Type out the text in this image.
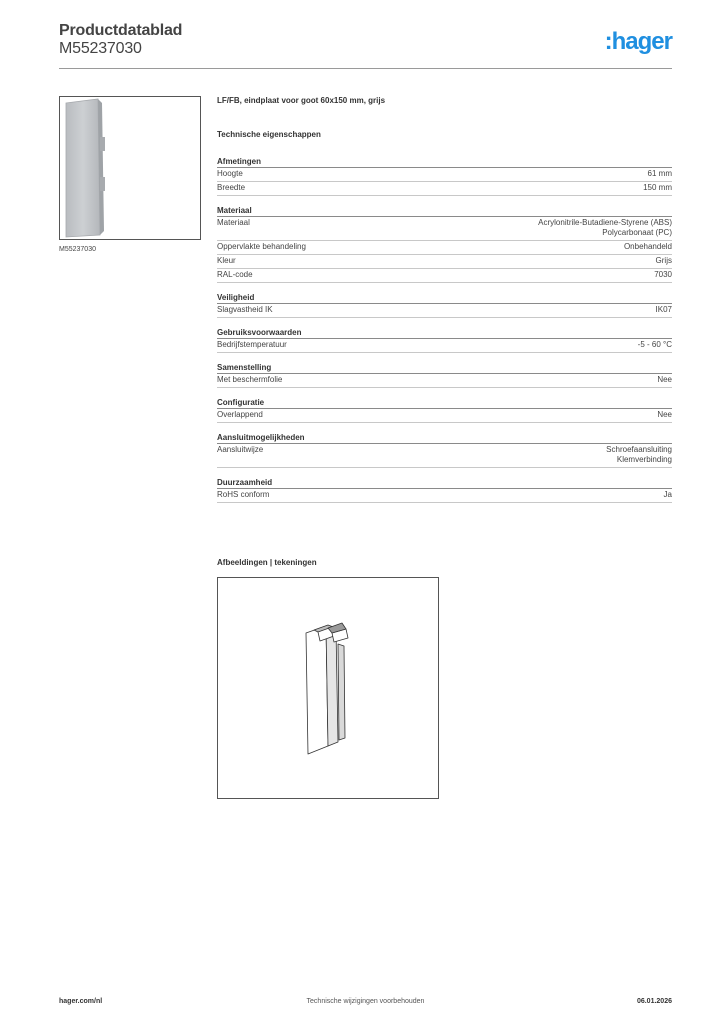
Productdatablad
M55237030	:hager
M55237030
LF/FB, eindplaat voor goot 60x150 mm, grijs
Technische eigenschappen
Afmetingen
Hoogte	61 mm
Breedte	150 mm
Materiaal
Materiaal	Acrylonitrile-Butadiene-Styrene (ABS)
Polycarbonaat (PC)
Oppervlakte behandeling	Onbehandeld
Kleur	Grijs
RAL-code	7030
Veiligheid
Slagvastheid IK	IK07
Gebruiksvoorwaarden
Bedrijfstemperatuur	-5 - 60 °C
Samenstelling
Met beschermfolie	Nee
Configuratie
Overlappend	Nee
Aansluitmogelijkheden
Aansluitwijze	Schroefaansluiting
Klemverbinding
Duurzaamheid
RoHS conform	Ja
Afbeeldingen | tekeningen
hager.com/nl	Technische wijzigingen voorbehouden	06.01.2026
